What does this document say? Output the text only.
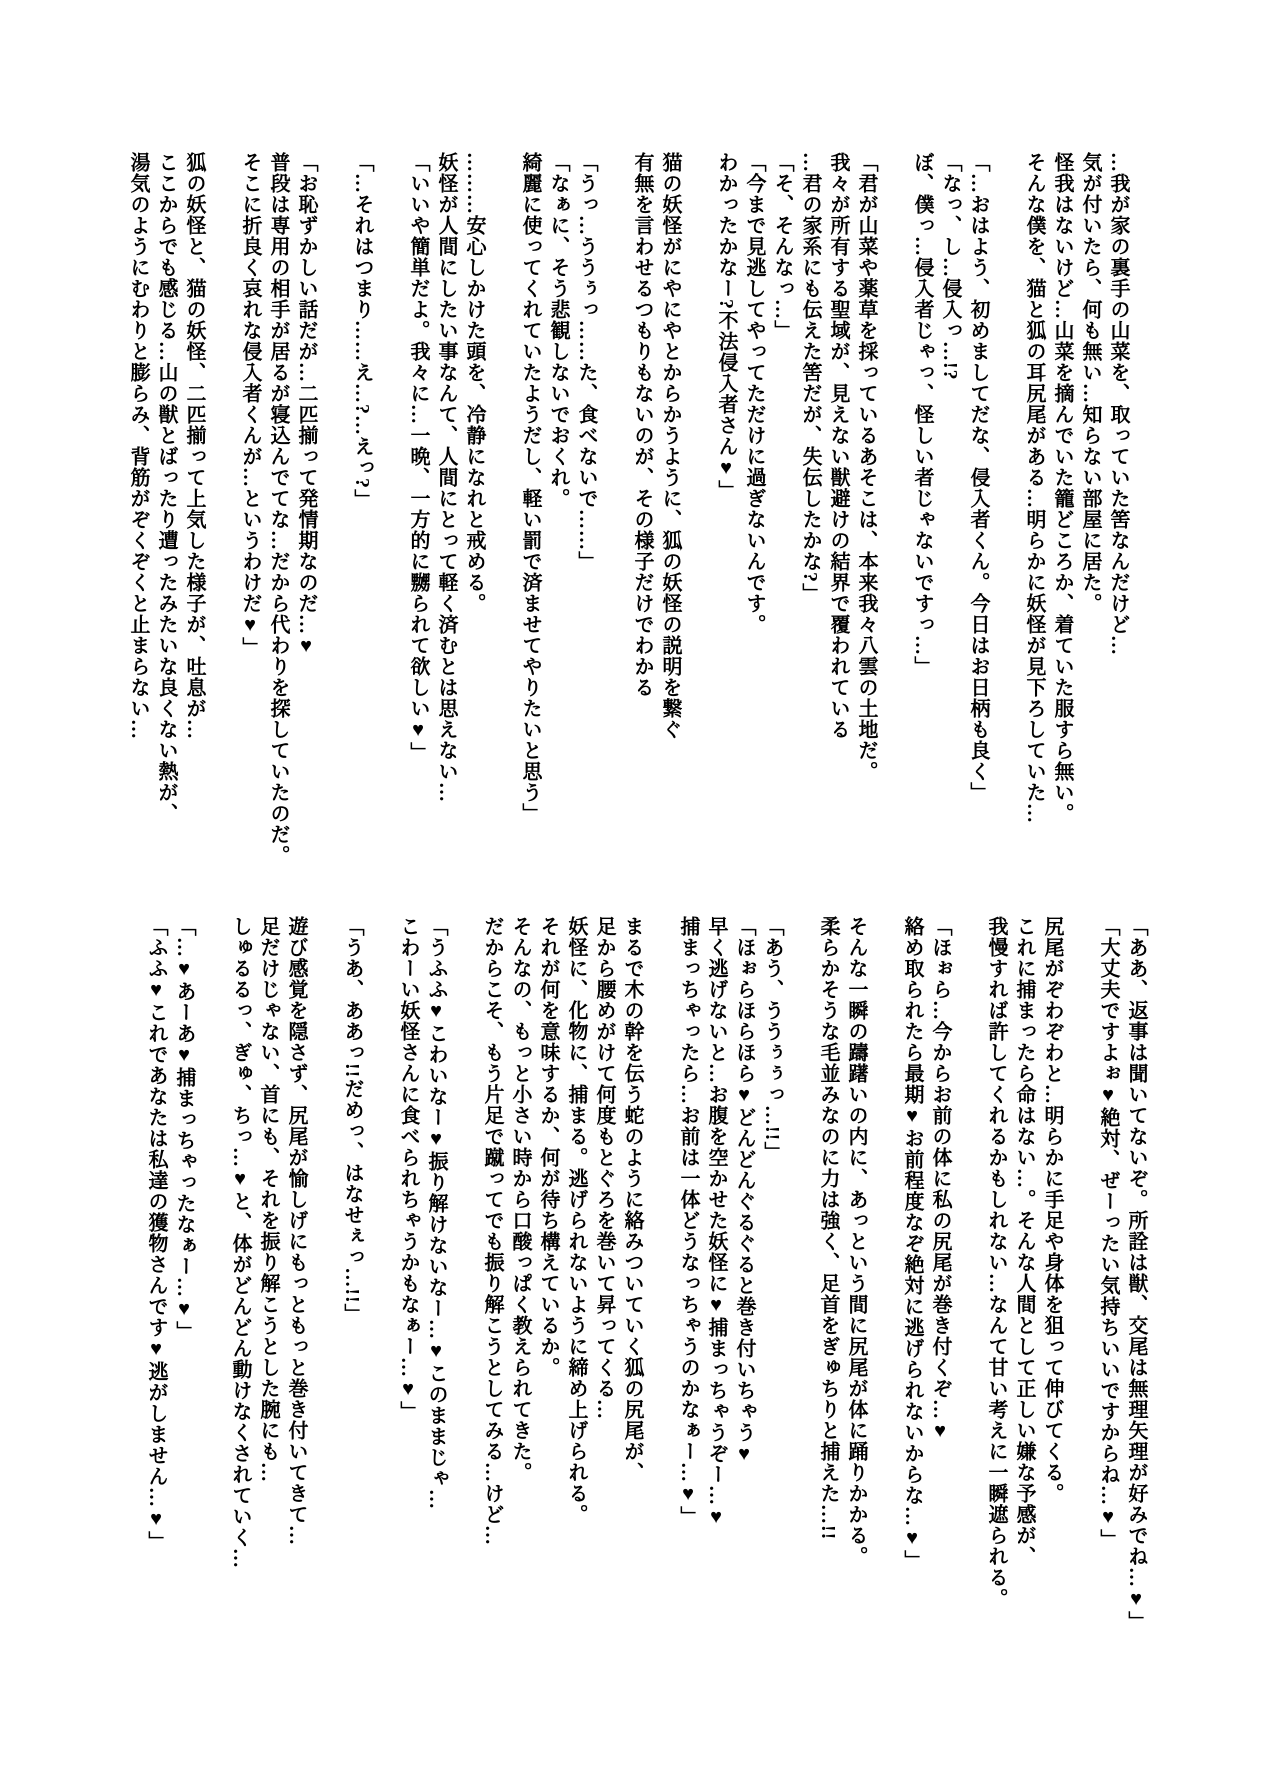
…我が家の裏手の山菜を、取っていた筈なんだけど…

気が付いたら、何も無い…知らない部屋に居た。

怪我はないけど…山菜を摘んでいた籠どころか、着ていた服すら無い。

そんな僕を、猫と狐の耳尻尾がある…明らかに妖怪が見下ろしていた…

「…おはよう、初めましてだな、侵入者くん。今日はお日柄も良く」

「なっ、し…侵入っ…!?

ぼ、僕っ…侵入者じゃっ、怪しい者じゃないですっ…」

「君が山菜や薬草を採っているあそこは、本来我々八雲の土地だ。

我々が所有する聖域が、見えない獣避けの結界で覆われている

…君の家系にも伝えた筈だが、失伝したかな?」

「そ、そんなっ…」

「今まで見逃してやってただけに過ぎないんです。

わかったかなー?不法侵入者さん♥」

猫の妖怪がにやにやとからかうように、狐の妖怪の説明を繋ぐ

有無を言わせるつもりもないのが、その様子だけでわかる

「うっ…ううぅっ……た、食べないで……」

「なぁに、そう悲観しないでおくれ。

綺麗に使ってくれていたようだし、軽い罰で済ませてやりたいと思う」

………安心しかけた頭を、冷静になれと戒める。

妖怪が人間にしたい事なんて、人間にとって軽く済むとは思えない…

「いいや簡単だよ。我々に…一晩、一方的に嬲られて欲しい♥」

「…それはつまり……え…?…えっ?」

「お恥ずかしい話だが…二匹揃って発情期なのだ…♥

普段は専用の相手が居るが寝込んでてな…だから代わりを探していたのだ。

そこに折良く哀れな侵入者くんが…というわけだ♥」

狐の妖怪と、猫の妖怪、二匹揃って上気した様子が、吐息が…

ここからでも感じる…山の獣とばったり遭ったみたいな良くない熱が、

湯気のようにむわりと膨らみ、背筋がぞくぞくと止まらない…

「ああ、返事は聞いてないぞ。所詮は獣、交尾は無理矢理が好みでね…♥」

「大丈夫ですよぉ♥絶対、ぜーったい気持ちいいですからね…♥」

尻尾がぞわぞわと…明らかに手足や身体を狙って伸びてくる。

これに捕まったら命はない…。そんな人間として正しい嫌な予感が、

我慢すれば許してくれるかもしれない…なんて甘い考えに一瞬遮られる。

「ほぉら…今からお前の体に私の尻尾が巻き付くぞ…♥

絡め取られたら最期♥お前程度なぞ絶対に逃げられないからな…♥」

そんな一瞬の躊躇いの内に、あっという間に尻尾が体に踊りかかる。

柔らかそうな毛並みなのに力は強く、足首をぎゅちりと捕えた…!!

「あう、ううぅぅっ…!!」

「ほぉらほらほら♥どんどんぐるぐると巻き付いちゃう♥

早く逃げないと…お腹を空かせた妖怪に♥捕まっちゃうぞー…♥

捕まっちゃったら…お前は一体どうなっちゃうのかなぁー…♥」

まるで木の幹を伝う蛇のように絡みついていく狐の尻尾が、

足から腰めがけて何度もとぐろを巻いて昇ってくる…

妖怪に、化物に、捕まる。逃げられないように締め上げられる。

それが何を意味するか、何が待ち構えているか。

そんなの、もっと小さい時から口酸っぱく教えられてきた。

だからこそ、もう片足で蹴ってでも振り解こうとしてみる…けど…

「うふふ♥こわいなー♥振り解けないなー…♥このままじゃ…

こわーい妖怪さんに食べられちゃうかもなぁー…♥」

「うあ、ああっ!!だめっ、はなせぇっ…!!」

遊び感覚を隠さず、尻尾が愉しげにもっともっと巻き付いてきて…

足だけじゃない、首にも、それを振り解こうとした腕にも…

しゅるるっ、ぎゅ、ちっ…♥と、体がどんどん動けなくされていく…

「…♥あーあ♥捕まっちゃったなぁー…♥」

「ふふ♥これであなたは私達の獲物さんです♥逃がしません…♥」
